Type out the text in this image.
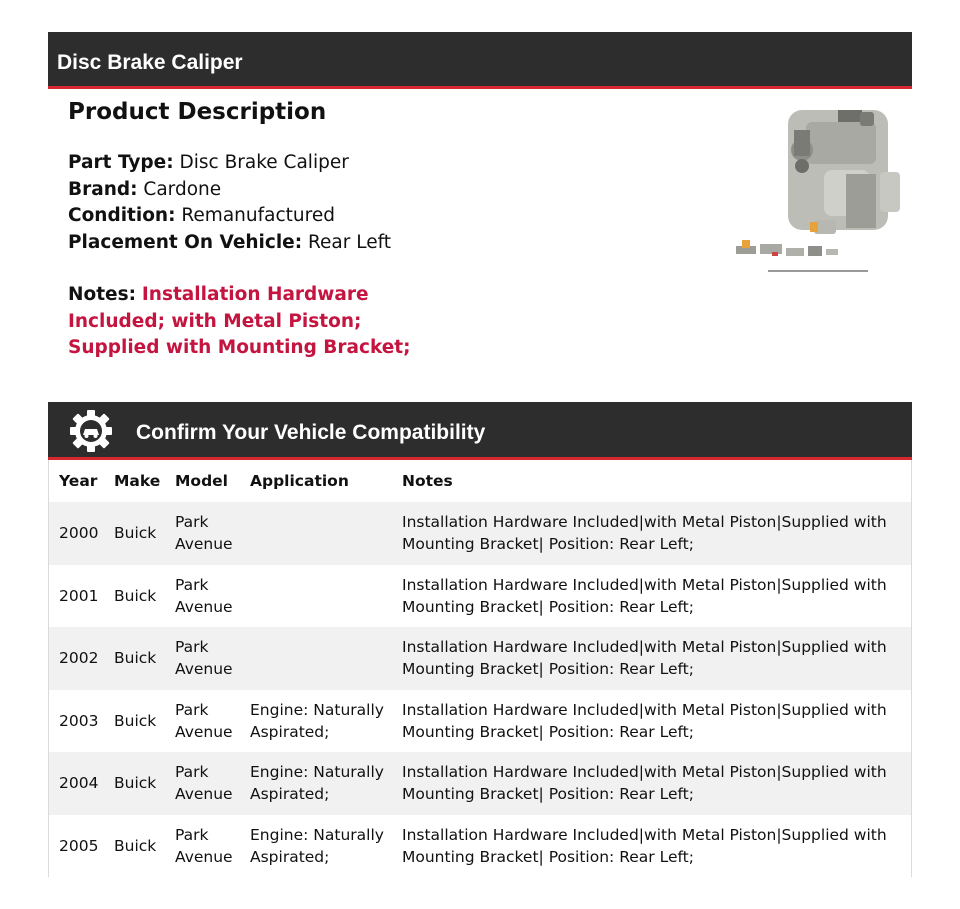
Disc Brake Caliper
Product Description
Part Type: Disc Brake Caliper
Brand: Cardone
Condition: Remanufactured
Placement On Vehicle: Rear Left
Notes: Installation Hardware Included; with Metal Piston; Supplied with Mounting Bracket;
Confirm Your Vehicle Compatibility
Year	Make	Model	Application	Notes
2000	Buick	Park Avenue		Installation Hardware Included|with Metal Piston|Supplied with Mounting Bracket| Position: Rear Left;
2001	Buick	Park Avenue		Installation Hardware Included|with Metal Piston|Supplied with Mounting Bracket| Position: Rear Left;
2002	Buick	Park Avenue		Installation Hardware Included|with Metal Piston|Supplied with Mounting Bracket| Position: Rear Left;
2003	Buick	Park Avenue	Engine: Naturally Aspirated;	Installation Hardware Included|with Metal Piston|Supplied with Mounting Bracket| Position: Rear Left;
2004	Buick	Park Avenue	Engine: Naturally Aspirated;	Installation Hardware Included|with Metal Piston|Supplied with Mounting Bracket| Position: Rear Left;
2005	Buick	Park Avenue	Engine: Naturally Aspirated;	Installation Hardware Included|with Metal Piston|Supplied with Mounting Bracket| Position: Rear Left;
